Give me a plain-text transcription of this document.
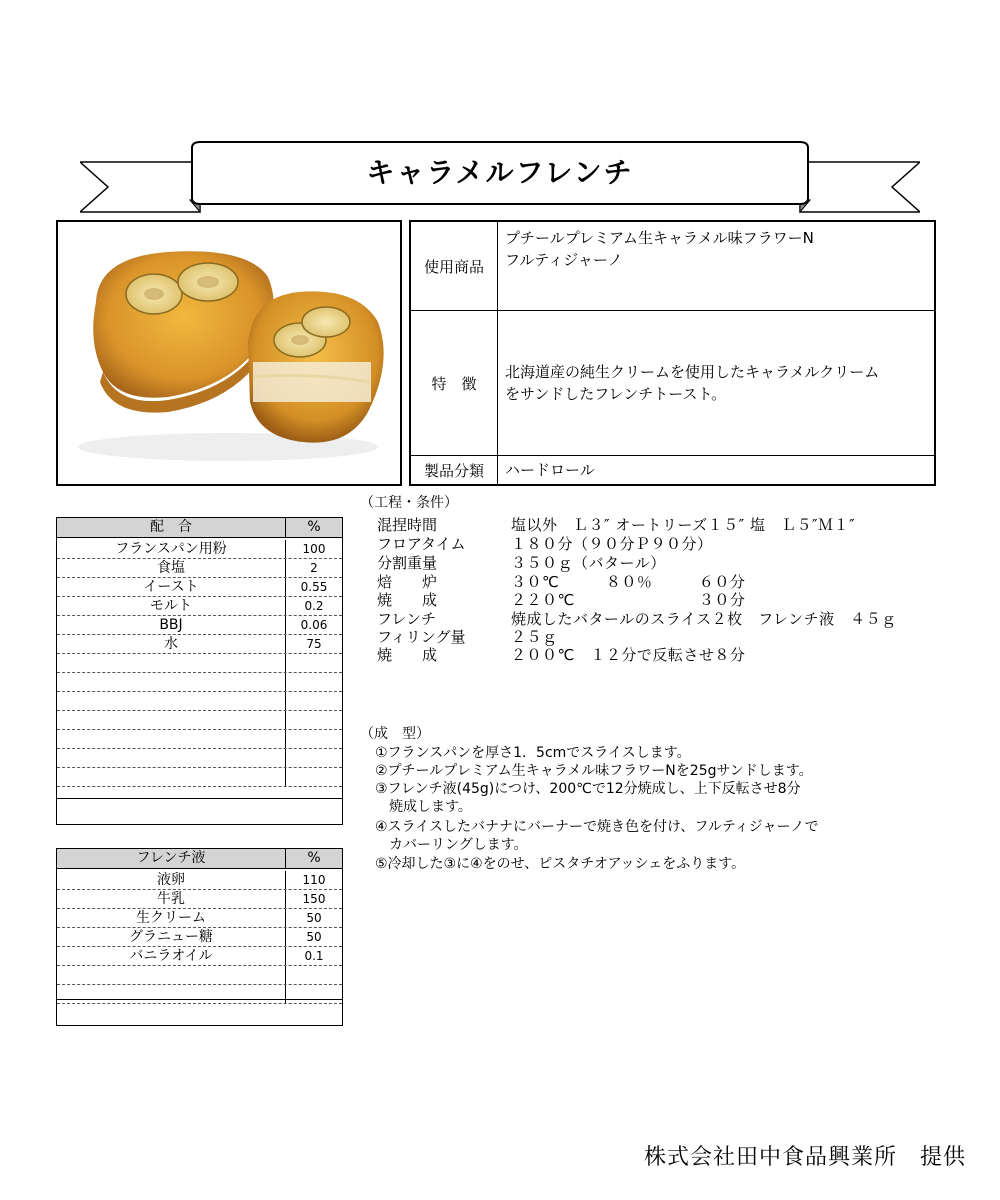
キャラメルフレンチ
使用商品
プチールプレミアム生キャラメル味フラワーN
フルティジャーノ
特　徴
北海道産の純生クリームを使用したキャラメルクリーム
をサンドしたフレンチトースト。
製品分類	ハードロール
配　合	%
フランスパン用粉	100
食塩	2
イースト	0.55
モルト	0.2
BBJ	0.06
水	75
フレンチ液	%
液卵	110
牛乳	150
生クリーム	50
グラニュー糖	50
バニラオイル	0.1
（工程・条件）
混捏時間	塩以外　Ｌ３″ オートリーズ１５″ 塩　Ｌ５″Ｍ１″
フロアタイム	１８０分（９０分Ｐ９０分）
分割重量	３５０ｇ（バタール）
焙　　炉	３０℃　　　８０％　　　６０分
焼　　成	２２０℃　　　　　　　　３０分
フレンチ	焼成したバタールのスライス２枚　フレンチ液　４５ｇ
フィリング量	２５ｇ
焼　　成	２００℃　１２分で反転させ８分
（成　型）
①フランスパンを厚さ1．5cmでスライスします。
②プチールプレミアム生キャラメル味フラワーNを25gサンドします。
③フレンチ液(45g)につけ、200℃で12分焼成し、上下反転させ8分
　焼成します。
④スライスしたバナナにバーナーで焼き色を付け、フルティジャーノで
　カバーリングします。
⑤冷却した③に④をのせ、ピスタチオアッシェをふります。
株式会社田中食品興業所　提供
